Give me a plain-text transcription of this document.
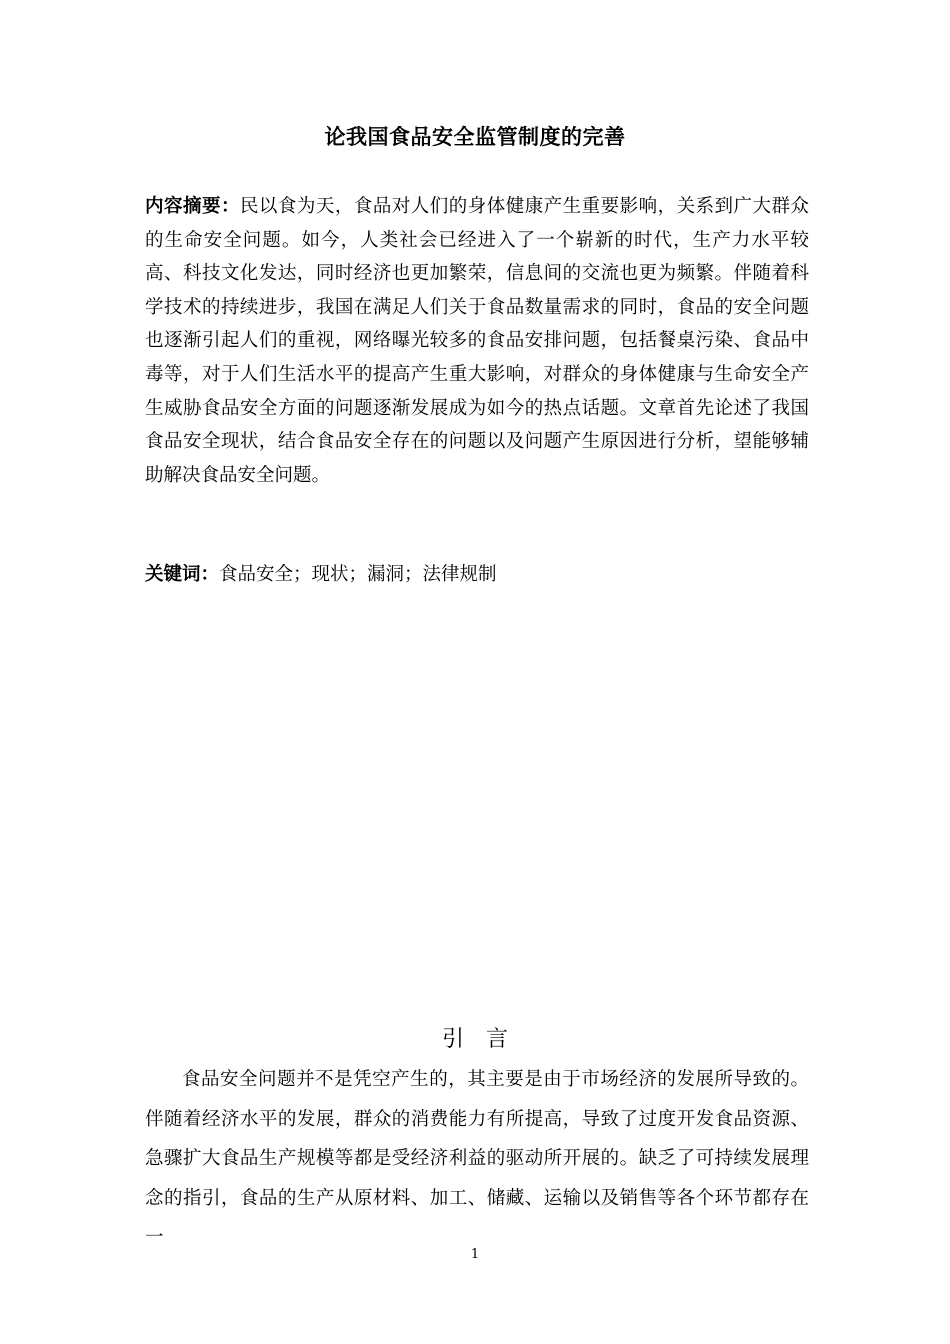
论我国食品安全监管制度的完善

内容摘要：民以食为天，食品对人们的身体健康产生重要影响，关系到广大群众的生命安全问题。如今，人类社会已经进入了一个崭新的时代，生产力水平较高、科技文化发达，同时经济也更加繁荣，信息间的交流也更为频繁。伴随着科学技术的持续进步，我国在满足人们关于食品数量需求的同时，食品的安全问题也逐渐引起人们的重视，网络曝光较多的食品安排问题，包括餐桌污染、食品中毒等，对于人们生活水平的提高产生重大影响，对群众的身体健康与生命安全产生威胁食品安全方面的问题逐渐发展成为如今的热点话题。文章首先论述了我国食品安全现状，结合食品安全存在的问题以及问题产生原因进行分析，望能够辅助解决食品安全问题。

关键词：食品安全；现状；漏洞；法律规制

引　言

食品安全问题并不是凭空产生的，其主要是由于市场经济的发展所导致的。伴随着经济水平的发展，群众的消费能力有所提高，导致了过度开发食品资源、急骤扩大食品生产规模等都是受经济利益的驱动所开展的。缺乏了可持续发展理念的指引，食品的生产从原材料、加工、储藏、运输以及销售等各个环节都存在一

1
